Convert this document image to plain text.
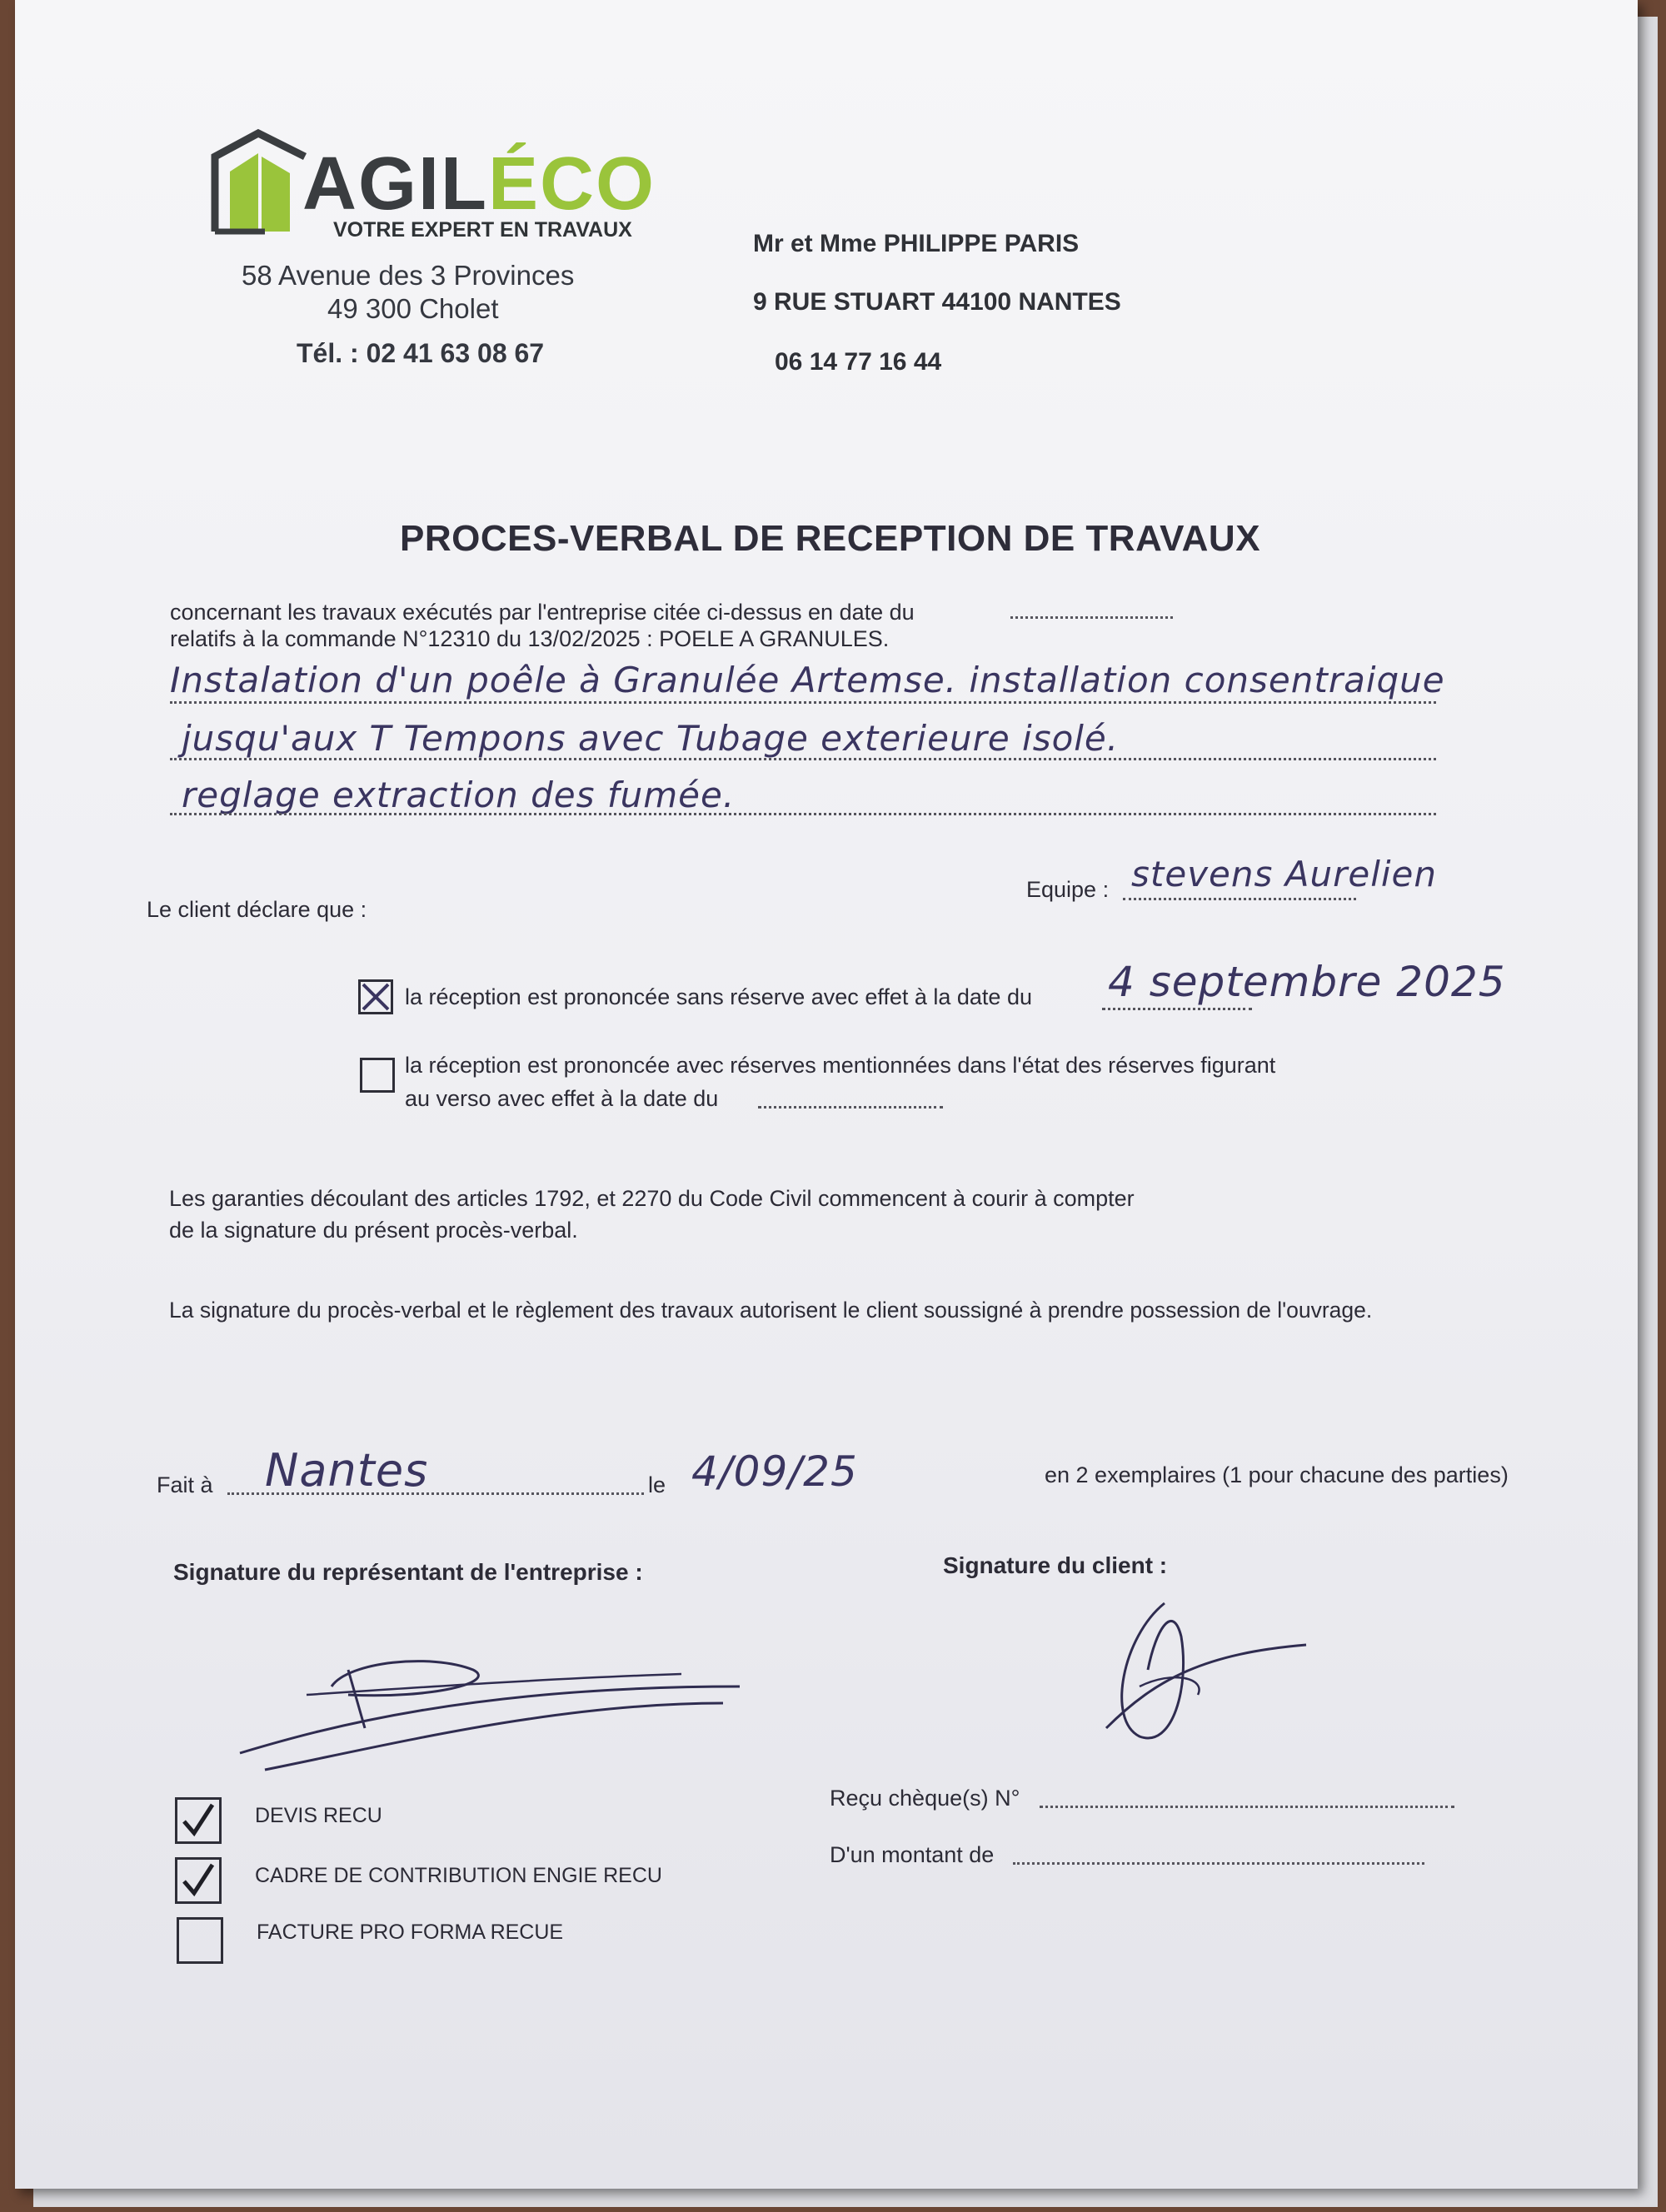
AGILÉCO
VOTRE EXPERT EN TRAVAUX
58 Avenue des 3 Provinces
49 300 Cholet
Tél. : 02 41 63 08 67
Mr et Mme PHILIPPE PARIS
9 RUE STUART 44100 NANTES
06 14 77 16 44
PROCES-VERBAL DE RECEPTION DE TRAVAUX
concernant les travaux exécutés par l'entreprise citée ci-dessus en date du
relatifs à la commande N°12310 du 13/02/2025 : POELE A GRANULES.
Instalation d'un poêle à Granulée Artemse. installation consentraique
jusqu'aux T Tempons avec Tubage exterieure isolé.
reglage extraction des fumée.
Equipe : stevens Aurelien
Le client déclare que :
la réception est prononcée sans réserve avec effet à la date du 4 septembre 2025
la réception est prononcée avec réserves mentionnées dans l'état des réserves figurant
au verso avec effet à la date du
Les garanties découlant des articles 1792, et 2270 du Code Civil commencent à courir à compter
de la signature du présent procès-verbal.
La signature du procès-verbal et le règlement des travaux autorisent le client soussigné à prendre possession de l'ouvrage.
Fait à Nantes	le 4/09/25	en 2 exemplaires (1 pour chacune des parties)
Signature du représentant de l'entreprise :	Signature du client :
DEVIS RECU
CADRE DE CONTRIBUTION ENGIE RECU
FACTURE PRO FORMA RECUE
Reçu chèque(s) N°
D'un montant de
